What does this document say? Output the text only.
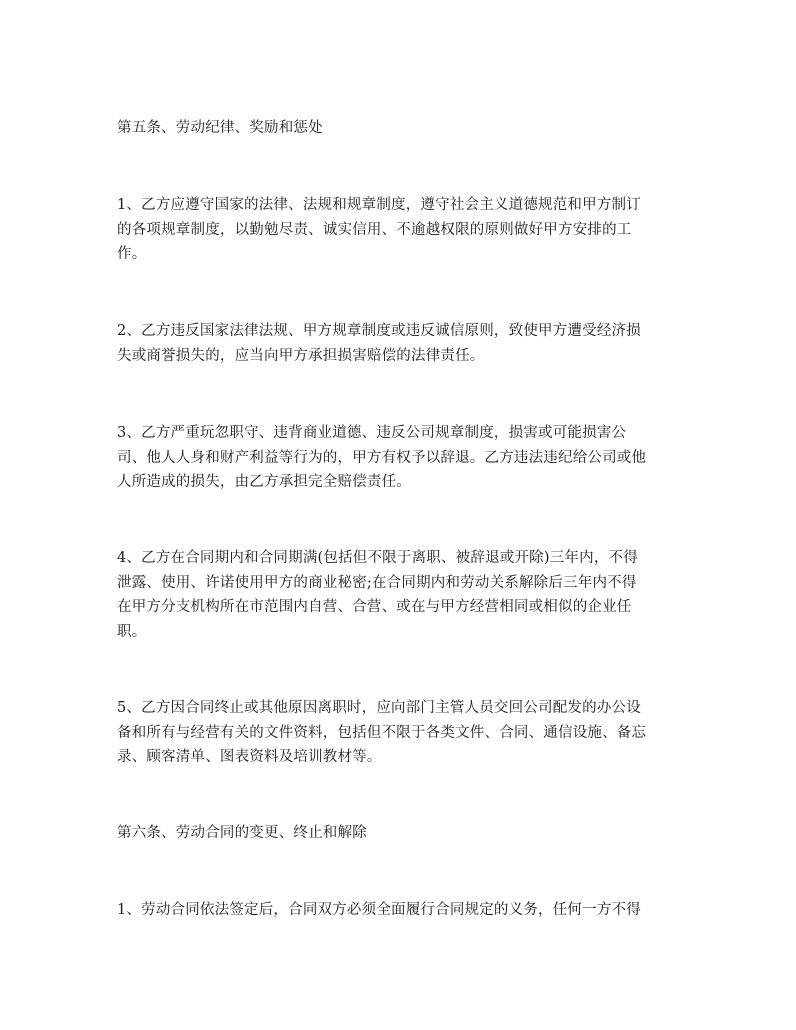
第五条、劳动纪律、奖励和惩处
1、乙方应遵守国家的法律、法规和规章制度，遵守社会主义道德规范和甲方制订
的各项规章制度，以勤勉尽责、诚实信用、不逾越权限的原则做好甲方安排的工
作。
2、乙方违反国家法律法规、甲方规章制度或违反诚信原则，致使甲方遭受经济损
失或商誉损失的，应当向甲方承担损害赔偿的法律责任。
3、乙方严重玩忽职守、违背商业道德、违反公司规章制度，损害或可能损害公
司、他人人身和财产利益等行为的，甲方有权予以辞退。乙方违法违纪给公司或他
人所造成的损失，由乙方承担完全赔偿责任。
4、乙方在合同期内和合同期满(包括但不限于离职、被辞退或开除)三年内，不得
泄露、使用、许诺使用甲方的商业秘密;在合同期内和劳动关系解除后三年内不得
在甲方分支机构所在市范围内自营、合营、或在与甲方经营相同或相似的企业任
职。
5、乙方因合同终止或其他原因离职时，应向部门主管人员交回公司配发的办公设
备和所有与经营有关的文件资料，包括但不限于各类文件、合同、通信设施、备忘
录、顾客清单、图表资料及培训教材等。
第六条、劳动合同的变更、终止和解除
1、劳动合同依法签定后，合同双方必须全面履行合同规定的义务，任何一方不得
